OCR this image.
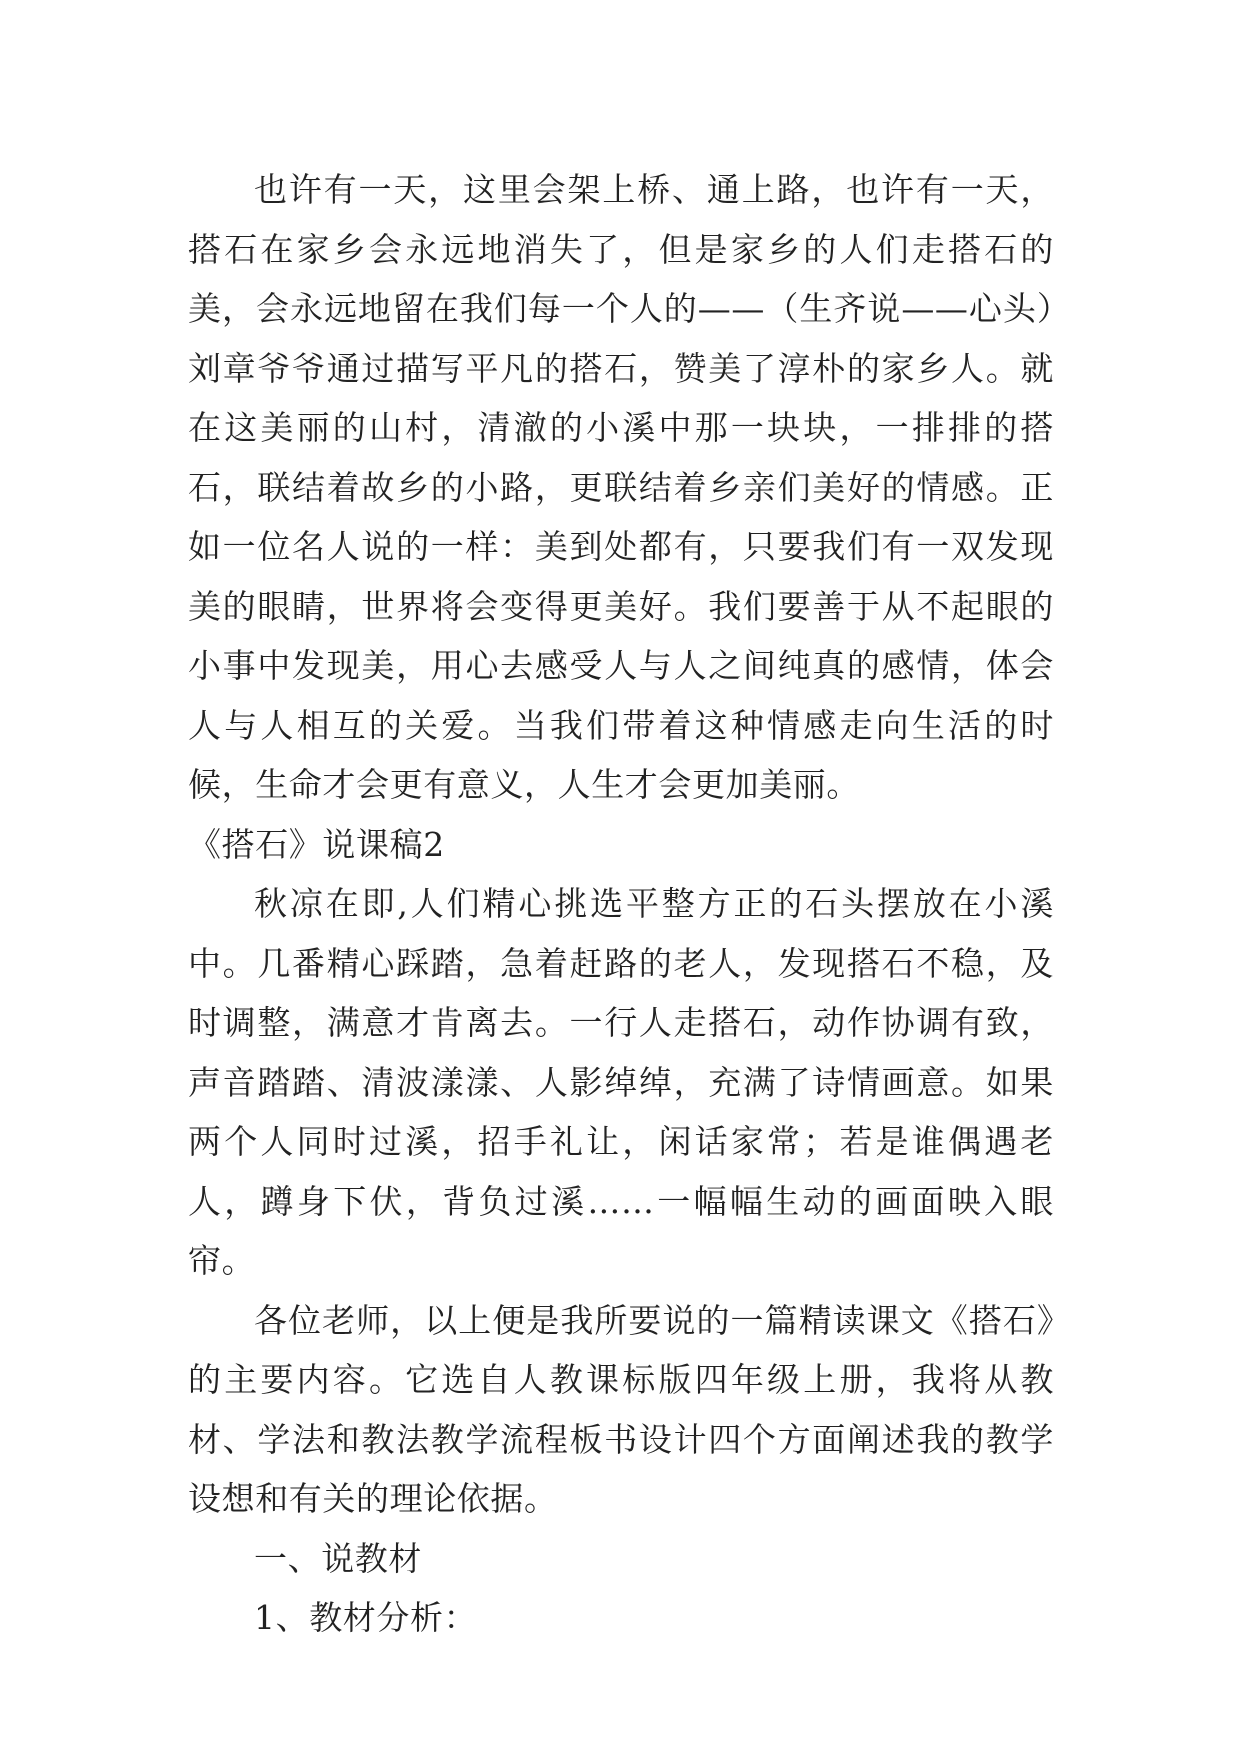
也许有一天，这里会架上桥、通上路，也许有一天，搭石在家乡会永远地消失了，但是家乡的人们走搭石的美，会永远地留在我们每一个人的——（生齐说——心头）刘章爷爷通过描写平凡的搭石，赞美了淳朴的家乡人。就在这美丽的山村，清澈的小溪中那一块块，一排排的搭石，联结着故乡的小路，更联结着乡亲们美好的情感。正如一位名人说的一样：美到处都有，只要我们有一双发现美的眼睛，世界将会变得更美好。我们要善于从不起眼的小事中发现美，用心去感受人与人之间纯真的感情，体会人与人相互的关爱。当我们带着这种情感走向生活的时候，生命才会更有意义，人生才会更加美丽。

《搭石》说课稿2

秋凉在即,人们精心挑选平整方正的石头摆放在小溪中。几番精心踩踏，急着赶路的老人，发现搭石不稳，及时调整，满意才肯离去。一行人走搭石，动作协调有致，声音踏踏、清波漾漾、人影绰绰，充满了诗情画意。如果两个人同时过溪，招手礼让，闲话家常；若是谁偶遇老人，蹲身下伏，背负过溪……一幅幅生动的画面映入眼帘。

各位老师，以上便是我所要说的一篇精读课文《搭石》的主要内容。它选自人教课标版四年级上册，我将从教材、学法和教法教学流程板书设计四个方面阐述我的教学设想和有关的理论依据。

一、说教材

1、教材分析：
